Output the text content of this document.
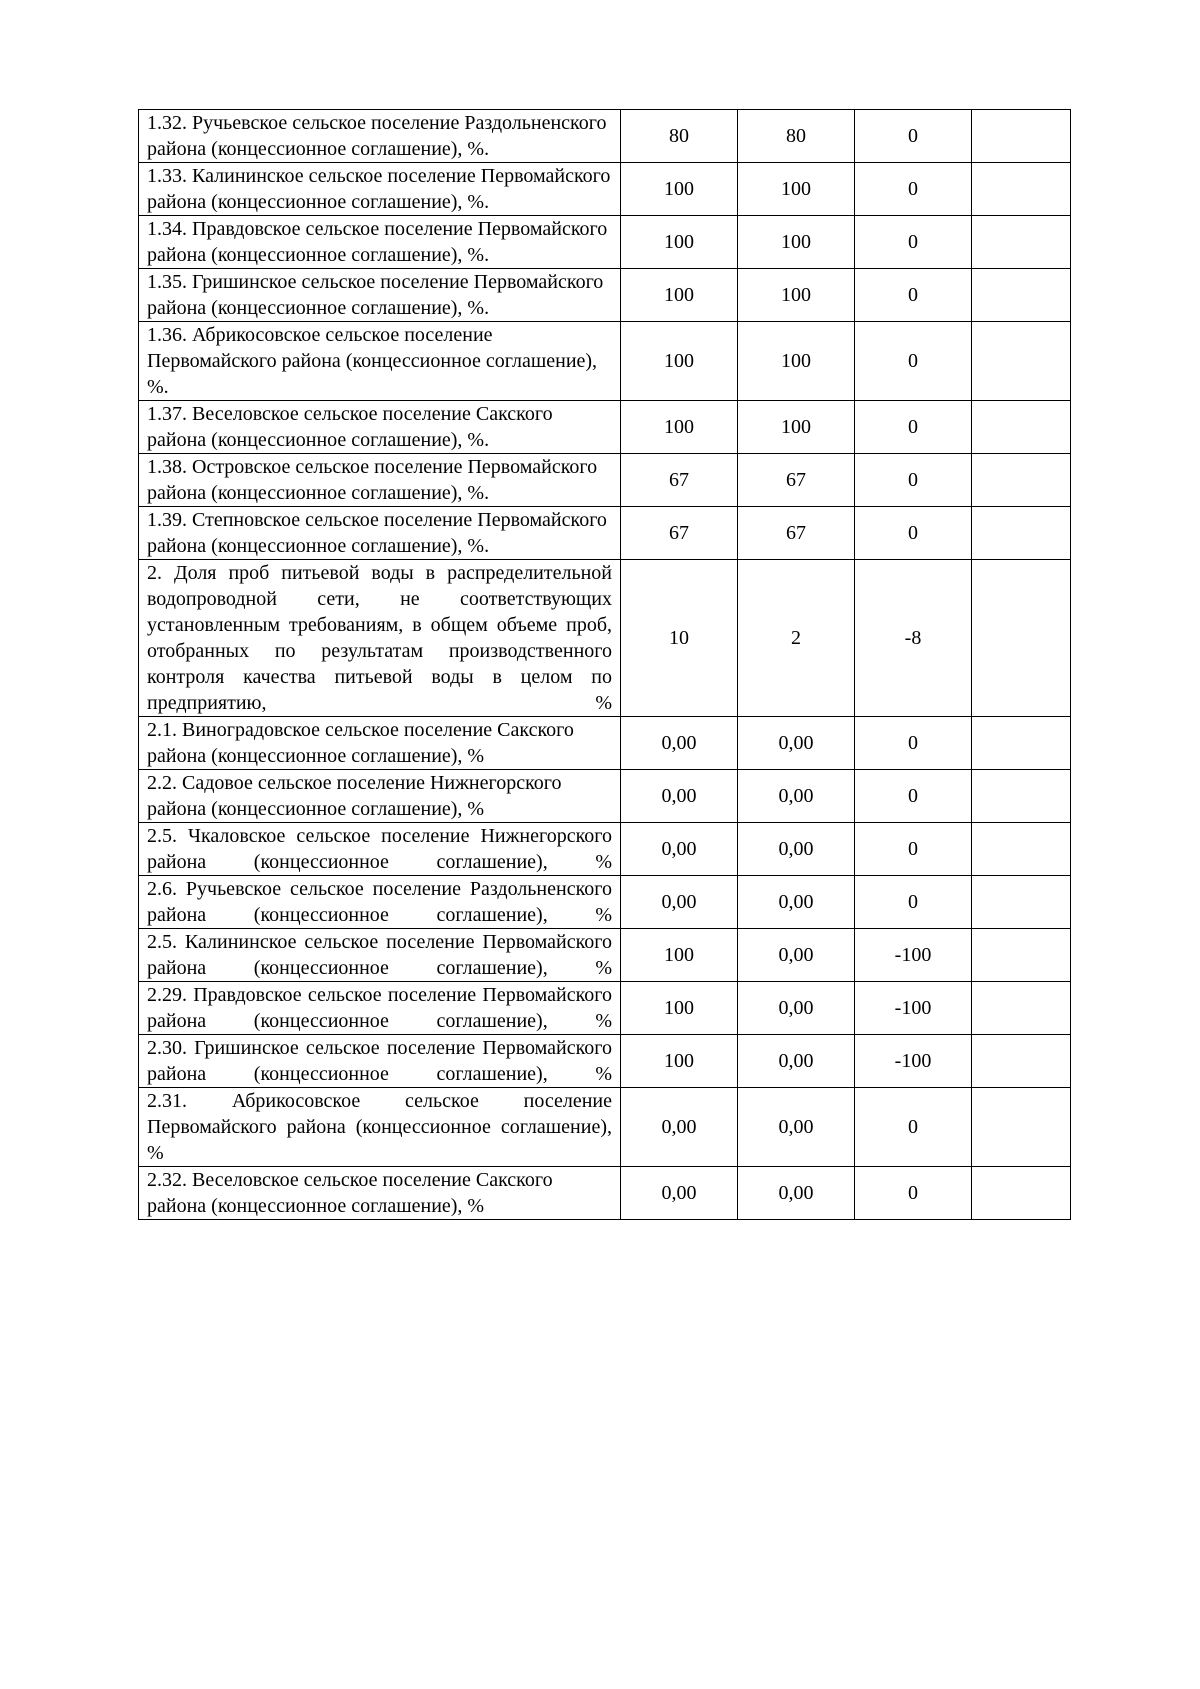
1.32. Ручьевское сельское поселение Раздольненского района (концессионное соглашение), %.	80	80	0	
1.33. Калининское сельское поселение Первомайского района (концессионное соглашение), %.	100	100	0	
1.34. Правдовское сельское поселение Первомайского района (концессионное соглашение), %.	100	100	0	
1.35. Гришинское сельское поселение Первомайского района (концессионное соглашение), %.	100	100	0	
1.36. Абрикосовское сельское поселение Первомайского района (концессионное соглашение), %.	100	100	0	
1.37. Веселовское сельское поселение Сакского района (концессионное соглашение), %.	100	100	0	
1.38. Островское сельское поселение Первомайского района (концессионное соглашение), %.	67	67	0	
1.39. Степновское сельское поселение Первомайского района (концессионное соглашение), %.	67	67	0	
2. Доля проб питьевой воды в распределительной водопроводной сети, не соответствующих установленным требованиям, в общем объеме проб, отобранных по результатам производственного контроля качества питьевой воды в целом по предприятию, %	10	2	-8	
2.1. Виноградовское сельское поселение Сакского района (концессионное соглашение), %	0,00	0,00	0	
2.2. Садовое сельское поселение Нижнегорского района (концессионное соглашение), %	0,00	0,00	0	
2.5. Чкаловское сельское поселение Нижнегорского района (концессионное соглашение), %	0,00	0,00	0	
2.6. Ручьевское сельское поселение Раздольненского района (концессионное соглашение), %	0,00	0,00	0	
2.5. Калининское сельское поселение Первомайского района (концессионное соглашение), %	100	0,00	-100	
2.29. Правдовское сельское поселение Первомайского района (концессионное соглашение), %	100	0,00	-100	
2.30. Гришинское сельское поселение Первомайского района (концессионное соглашение), %	100	0,00	-100	
2.31. Абрикосовское сельское поселение Первомайского района (концессионное соглашение), %	0,00	0,00	0	
2.32. Веселовское сельское поселение Сакского района (концессионное соглашение), %	0,00	0,00	0	
